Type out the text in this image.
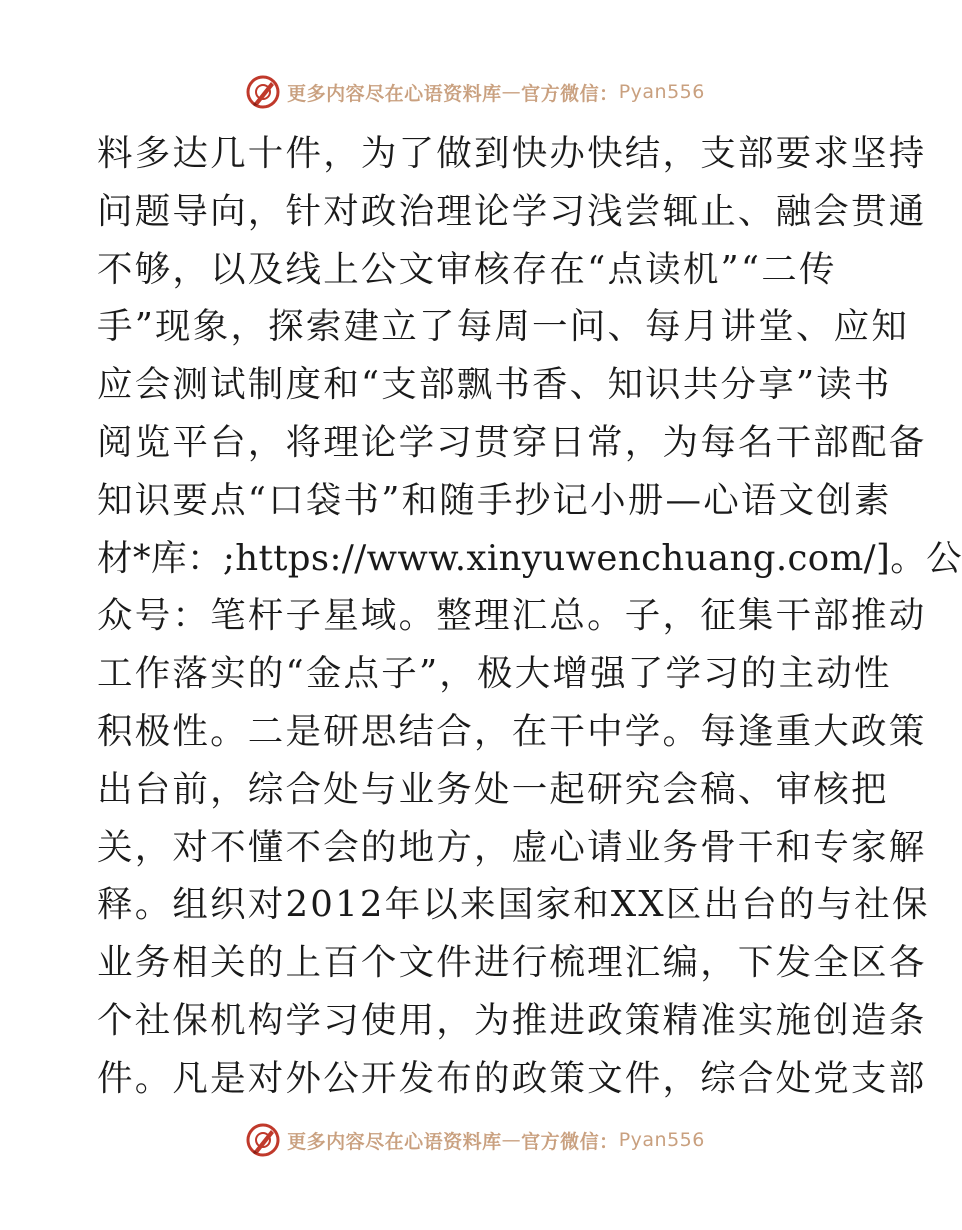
更多内容尽在心语资料库 — 官方微信： Pyan556
料多达几十件，为了做到快办快结，支部要求坚持
问题导向，针对政治理论学习浅尝辄止、融会贯通
不够，以及线上公文审核存在“点读机”“二传
手”现象，探索建立了每周一问、每月讲堂、应知
应会测试制度和“支部飘书香、知识共分享”读书
阅览平台，将理论学习贯穿日常，为每名干部配备
知识要点“口袋书”和随手抄记小册—心语文创素
材*库：;https://www.xinyuwenchuang.com/]。公
众号：笔杆子星域。整理汇总。子，征集干部推动
工作落实的“金点子”，极大增强了学习的主动性
积极性。二是研思结合，在干中学。每逢重大政策
出台前，综合处与业务处一起研究会稿、审核把
关，对不懂不会的地方，虚心请业务骨干和专家解
释。组织对2012年以来国家和XX区出台的与社保
业务相关的上百个文件进行梳理汇编，下发全区各
个社保机构学习使用，为推进政策精准实施创造条
件。凡是对外公开发布的政策文件，综合处党支部
更多内容尽在心语资料库 — 官方微信： Pyan556
